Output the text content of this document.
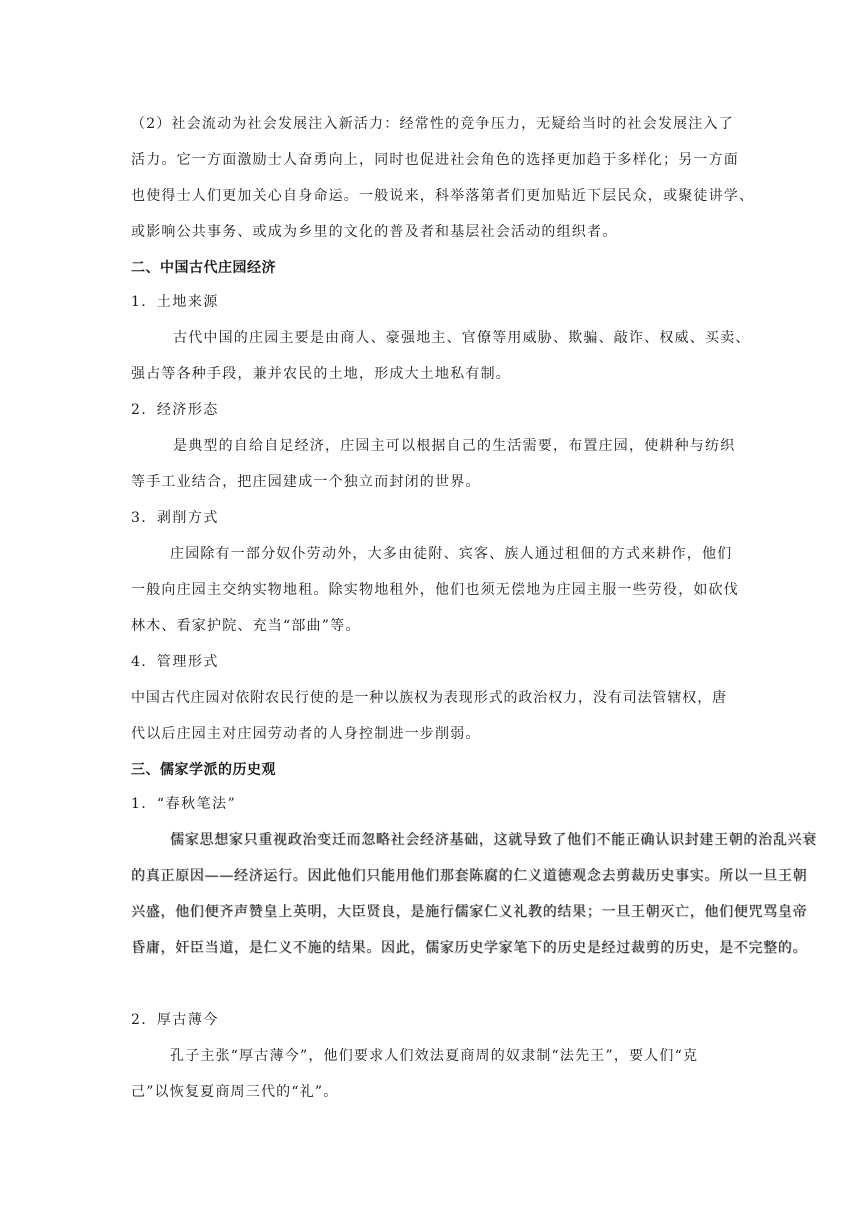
（2）社会流动为社会发展注入新活力：经常性的竞争压力，无疑给当时的社会发展注入了
活力。它一方面激励士人奋勇向上，同时也促进社会角色的选择更加趋于多样化；另一方面
也使得士人们更加关心自身命运。一般说来，科举落第者们更加贴近下层民众，或聚徒讲学、
或影响公共事务、或成为乡里的文化的普及者和基层社会活动的组织者。
二、中国古代庄园经济
1．土地来源
古代中国的庄园主要是由商人、豪强地主、官僚等用威胁、欺骗、敲诈、权威、买卖、
强占等各种手段，兼并农民的土地，形成大土地私有制。
2．经济形态
是典型的自给自足经济，庄园主可以根据自己的生活需要，布置庄园，使耕种与纺织
等手工业结合，把庄园建成一个独立而封闭的世界。
3．剥削方式
庄园除有一部分奴仆劳动外，大多由徒附、宾客、族人通过租佃的方式来耕作，他们
一般向庄园主交纳实物地租。除实物地租外，他们也须无偿地为庄园主服一些劳役，如砍伐
林木、看家护院、充当“部曲”等。
4．管理形式
中国古代庄园对依附农民行使的是一种以族权为表现形式的政治权力，没有司法管辖权，唐
代以后庄园主对庄园劳动者的人身控制进一步削弱。
三、儒家学派的历史观
1．“春秋笔法”
儒家思想家只重视政治变迁而忽略社会经济基础，这就导致了他们不能正确认识封建王朝的治乱兴衰
的真正原因——经济运行。因此他们只能用他们那套陈腐的仁义道德观念去剪裁历史事实。所以一旦王朝
兴盛，他们便齐声赞皇上英明，大臣贤良，是施行儒家仁义礼教的结果；一旦王朝灭亡，他们便咒骂皇帝
昏庸，奸臣当道，是仁义不施的结果。因此，儒家历史学家笔下的历史是经过裁剪的历史，是不完整的。
2．厚古薄今
孔子主张“厚古薄今”，他们要求人们效法夏商周的奴隶制“法先王”，要人们“克
己”以恢复夏商周三代的“礼”。
